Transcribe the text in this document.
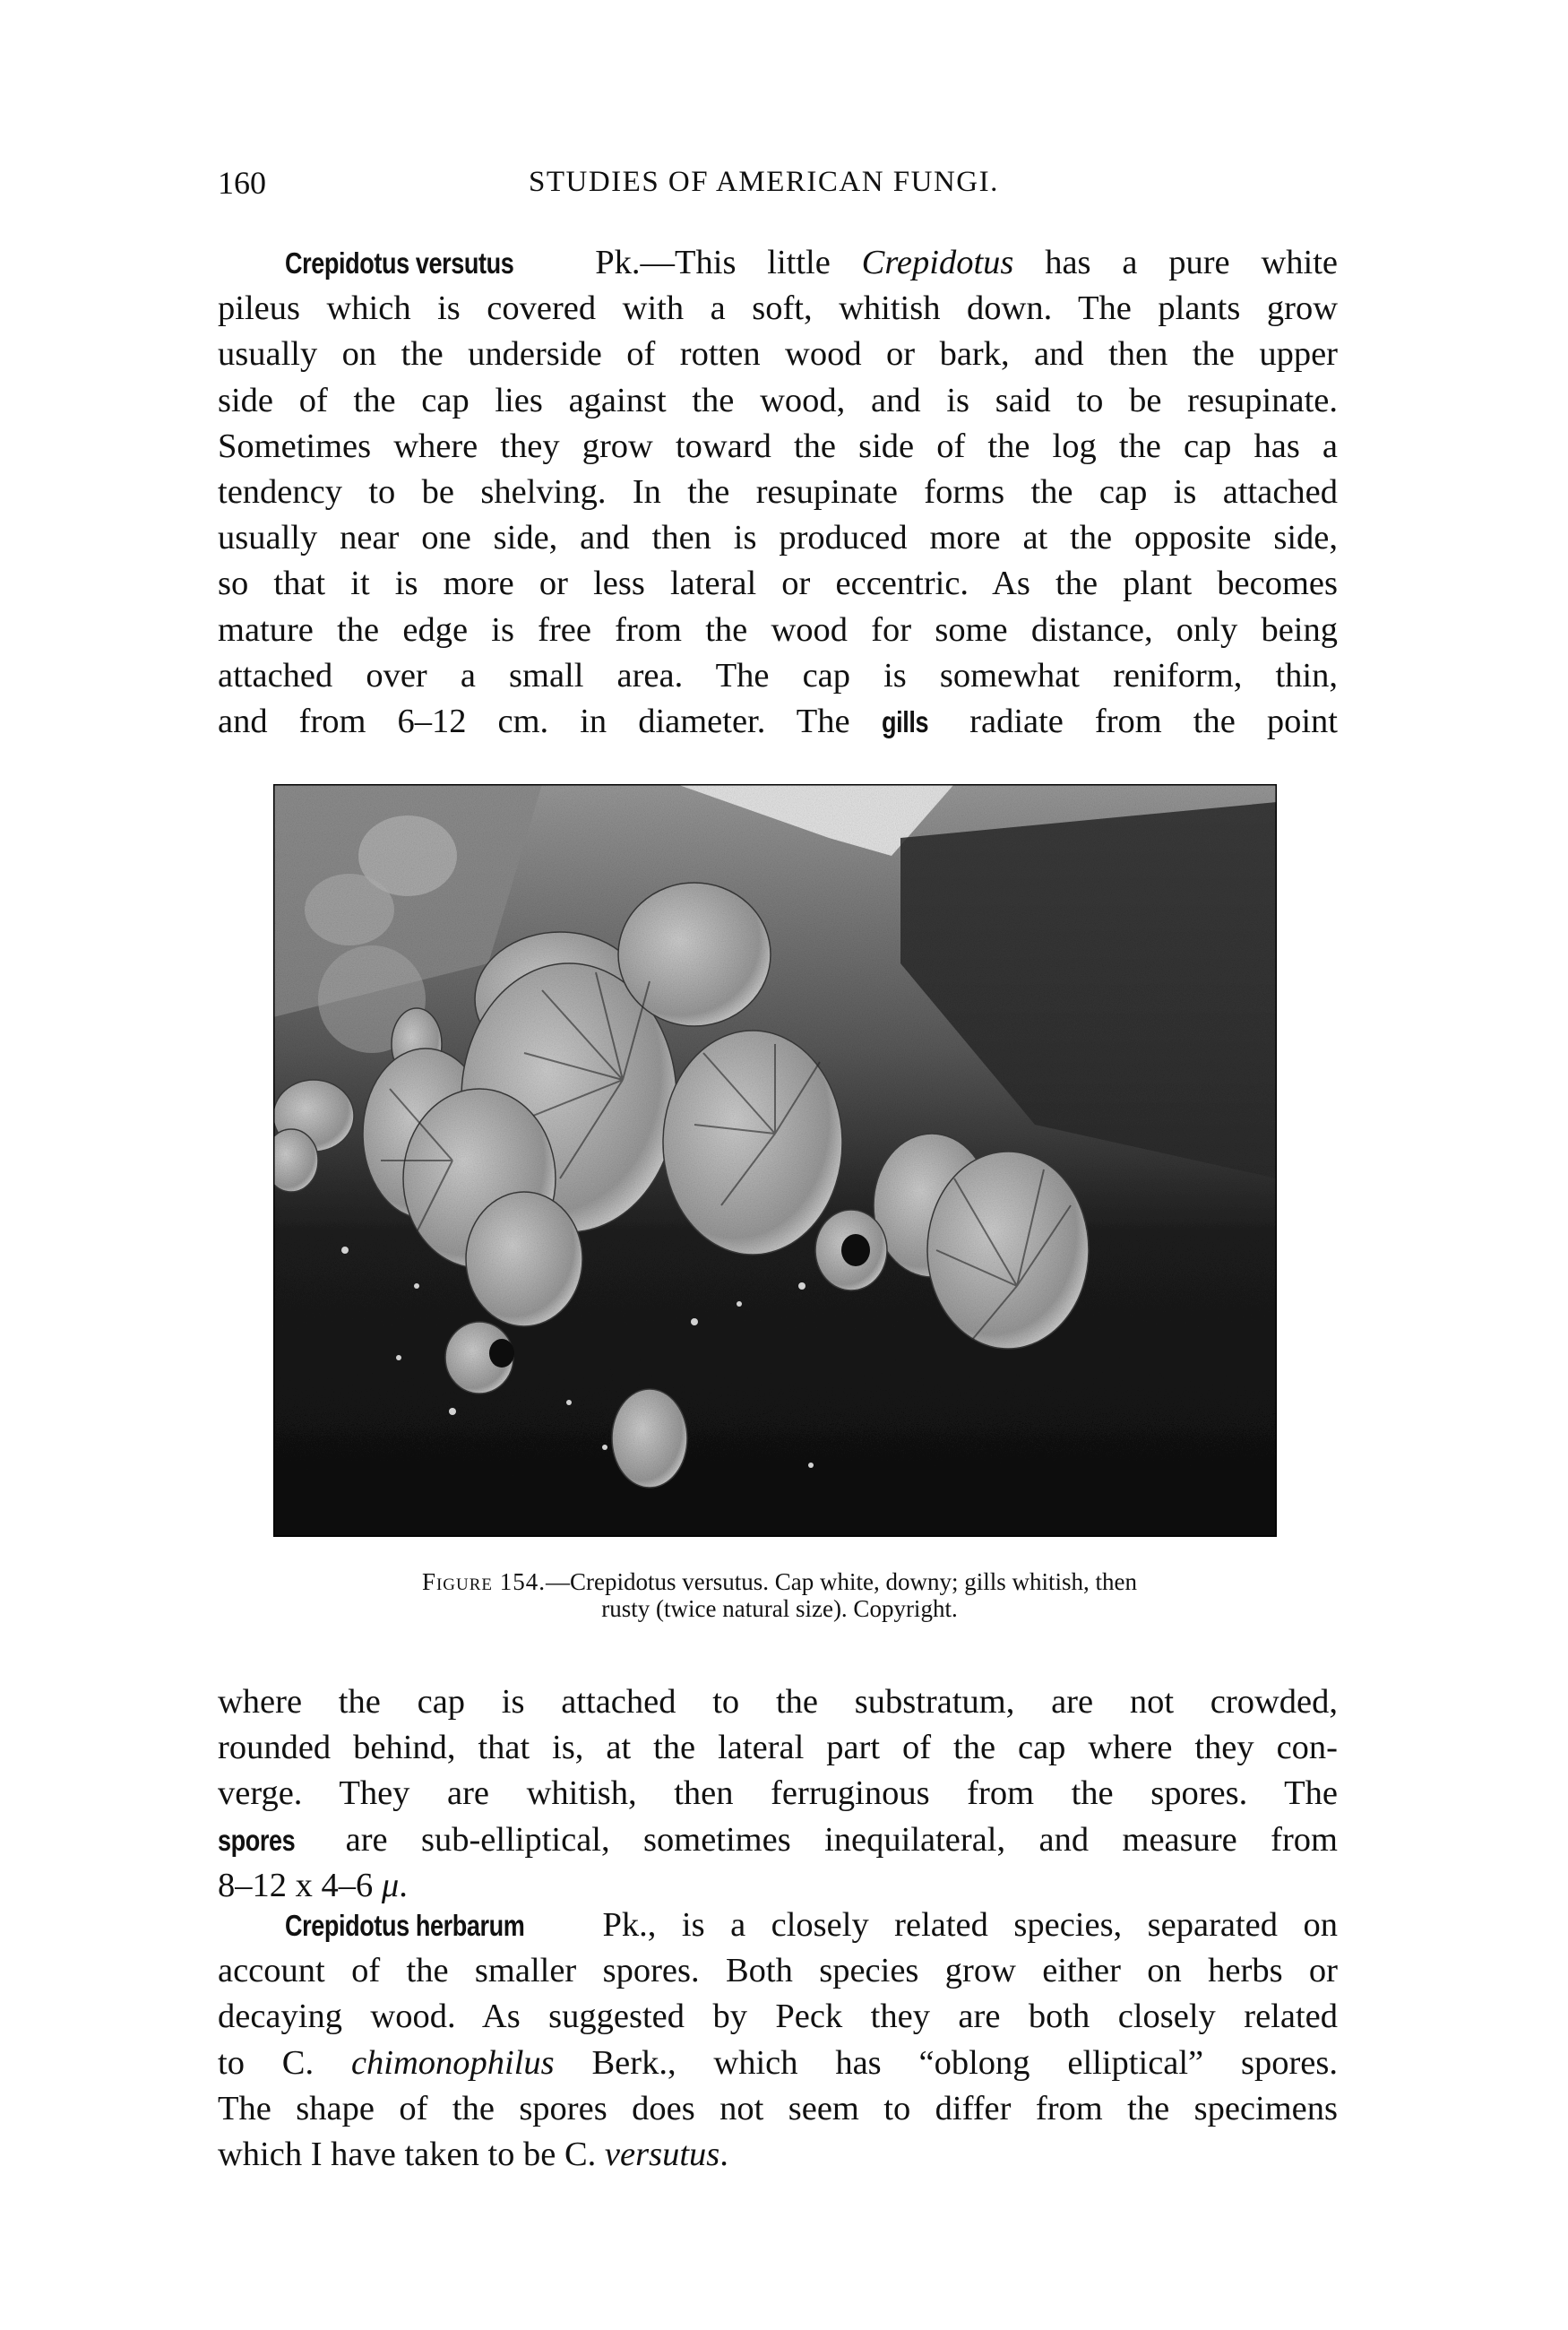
160	STUDIES OF AMERICAN FUNGI.
Crepidotus versutus Pk.—This little Crepidotus has a pure white
pileus which is covered with a soft, whitish down. The plants grow
usually on the underside of rotten wood or bark, and then the upper
side of the cap lies against the wood, and is said to be resupinate.
Sometimes where they grow toward the side of the log the cap has a
tendency to be shelving. In the resupinate forms the cap is attached
usually near one side, and then is produced more at the opposite side,
so that it is more or less lateral or eccentric. As the plant becomes
mature the edge is free from the wood for some distance, only being
attached over a small area. The cap is somewhat reniform, thin,
and from 6–12 cm. in diameter. The gills radiate from the point
Figure 154.—Crepidotus versutus. Cap white, downy; gills whitish, then
rusty (twice natural size). Copyright.
where the cap is attached to the substratum, are not crowded,
rounded behind, that is, at the lateral part of the cap where they con-
verge. They are whitish, then ferruginous from the spores. The
spores are sub-elliptical, sometimes inequilateral, and measure from
8–12 x 4–6 μ.
Crepidotus herbarum Pk., is a closely related species, separated on
account of the smaller spores. Both species grow either on herbs or
decaying wood. As suggested by Peck they are both closely related
to C. chimonophilus Berk., which has “oblong elliptical” spores.
The shape of the spores does not seem to differ from the specimens
which I have taken to be C. versutus.
